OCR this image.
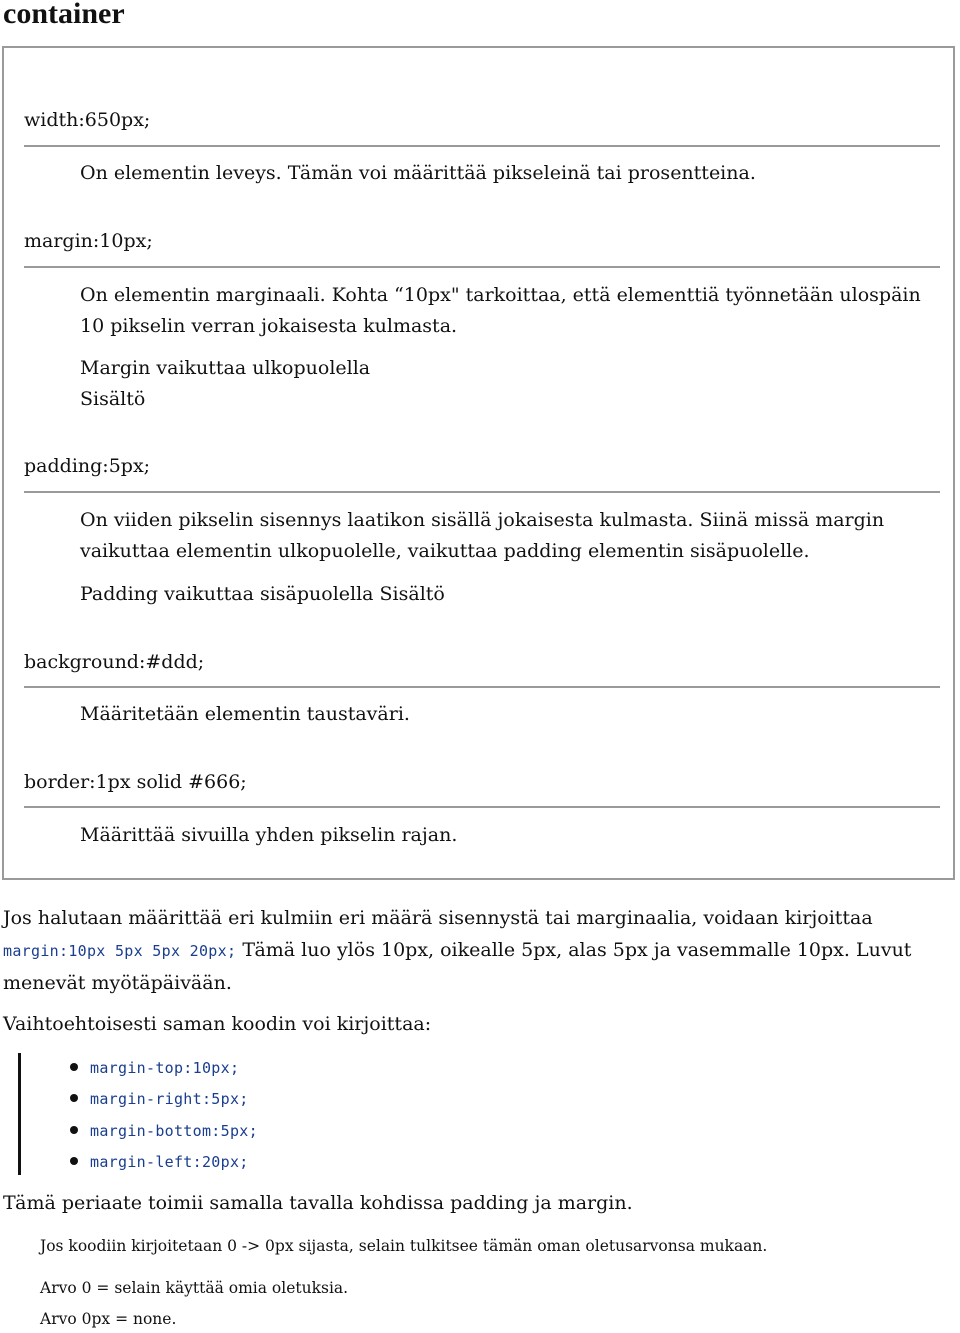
container
width:650px;
On elementin leveys. Tämän voi määrittää pikseleinä tai prosentteina.
margin:10px;
On elementin marginaali. Kohta “10px" tarkoittaa, että elementtiä työnnetään ulospäin 10 pikselin verran jokaisesta kulmasta.
Margin vaikuttaa ulkopuolella
Sisältö
padding:5px;
On viiden pikselin sisennys laatikon sisällä jokaisesta kulmasta. Siinä missä margin vaikuttaa elementin ulkopuolelle, vaikuttaa padding elementin sisäpuolelle.
Padding vaikuttaa sisäpuolella Sisältö
background:#ddd;
Määritetään elementin taustaväri.
border:1px solid #666;
Määrittää sivuilla yhden pikselin rajan.
Jos halutaan määrittää eri kulmiin eri määrä sisennystä tai marginaalia, voidaan kirjoittaa
margin:10px 5px 5px 20px; Tämä luo ylös 10px, oikealle 5px, alas 5px ja vasemmalle 10px. Luvut menevät myötäpäivään.
Vaihtoehtoisesti saman koodin voi kirjoittaa:
margin-top:10px;
margin-right:5px;
margin-bottom:5px;
margin-left:20px;
Tämä periaate toimii samalla tavalla kohdissa padding ja margin.
Jos koodiin kirjoitetaan 0 -> 0px sijasta, selain tulkitsee tämän oman oletusarvonsa mukaan.
Arvo 0 = selain käyttää omia oletuksia.
Arvo 0px = none.
